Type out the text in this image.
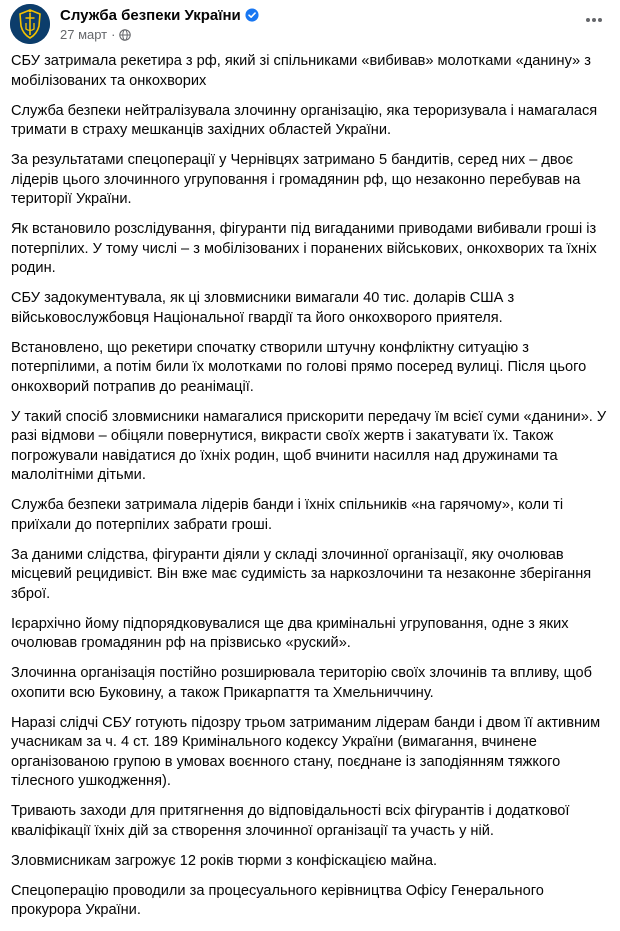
Служба безпеки України
27 март ·

СБУ затримала рекетира з рф, який зі спільниками «вибивав» молотками «данину» з мобілізованих та онкохворих

Служба безпеки нейтралізувала злочинну організацію, яка тероризувала і намагалася тримати в страху мешканців західних областей України.

За результатами спецоперації у Чернівцях затримано 5 бандитів, серед них – двоє лідерів цього злочинного угруповання і громадянин рф, що незаконно перебував на території України.

Як встановило розслідування, фігуранти під вигаданими приводами вибивали гроші із потерпілих. У тому числі – з мобілізованих і поранених військових, онкохворих та їхніх родин.

СБУ задокументувала, як ці зловмисники вимагали 40 тис. доларів США з військовослужбовця Національної гвардії та його онкохворого приятеля.

Встановлено, що рекетири спочатку створили штучну конфліктну ситуацію з потерпілими, а потім били їх молотками по голові прямо посеред вулиці. Після цього онкохворий потрапив до реанімації.

У такий спосіб зловмисники намагалися прискорити передачу їм всієї суми «данини». У разі відмови – обіцяли повернутися, викрасти своїх жертв і закатувати їх. Також погрожували навідатися до їхніх родин, щоб вчинити насилля над дружинами та малолітніми дітьми.

Служба безпеки затримала лідерів банди і їхніх спільників «на гарячому», коли ті приїхали до потерпілих забрати гроші.

За даними слідства, фігуранти діяли у складі злочинної організації, яку очолював місцевий рецидивіст. Він вже має судимість за наркозлочини та незаконне зберігання зброї.

Ієрархічно йому підпорядковувалися ще два кримінальні угруповання, одне з яких очолював громадянин рф на прізвисько «руский».

Злочинна організація постійно розширювала територію своїх злочинів та впливу, щоб охопити всю Буковину, а також Прикарпаття та Хмельниччину.

Наразі слідчі СБУ готують підозру трьом затриманим лідерам банди і двом її активним учасникам за ч. 4 ст. 189 Кримінального кодексу України (вимагання, вчинене організованою групою в умовах воєнного стану, поєднане із заподіянням тяжкого тілесного ушкодження).

Тривають заходи для притягнення до відповідальності всіх фігурантів і додаткової кваліфікації їхніх дій за створення злочинної організації та участь у ній.

Зловмисникам загрожує 12 років тюрми з конфіскацією майна.

Спецоперацію проводили за процесуального керівництва Офісу Генерального прокурора України.
